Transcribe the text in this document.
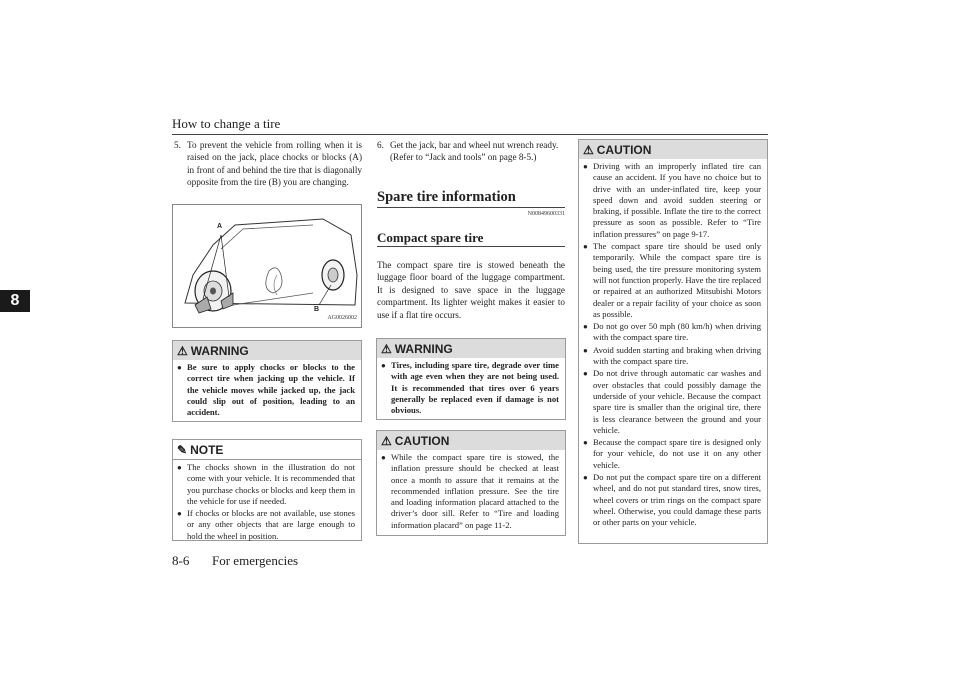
How to change a tire
8
8-6 For emergencies
5. To prevent the vehicle from rolling when it is raised on the jack, place chocks or blocks (A) in front of and behind the tire that is diagonally opposite from the tire (B) you are changing.
A
B
AG0026002
⚠ WARNING
● Be sure to apply chocks or blocks to the correct tire when jacking up the vehicle. If the vehicle moves while jacked up, the jack could slip out of position, leading to an accident.
✎ NOTE
● The chocks shown in the illustration do not come with your vehicle. It is recommended that you purchase chocks or blocks and keep them in the vehicle for use if needed.
● If chocks or blocks are not available, use stones or any other objects that are large enough to hold the wheel in position.
6. Get the jack, bar and wheel nut wrench ready.
(Refer to “Jack and tools” on page 8-5.)
Spare tire information
N00849600331
Compact spare tire
The compact spare tire is stowed beneath the luggage floor board of the luggage compartment. It is designed to save space in the luggage compartment. Its lighter weight makes it easier to use if a flat tire occurs.
⚠ WARNING
● Tires, including spare tire, degrade over time with age even when they are not being used. It is recommended that tires over 6 years generally be replaced even if damage is not obvious.
⚠ CAUTION
● While the compact spare tire is stowed, the inflation pressure should be checked at least once a month to assure that it remains at the recommended inflation pressure. See the tire and loading information placard attached to the driver’s door sill. Refer to “Tire and loading information placard” on page 11-2.
⚠ CAUTION
● Driving with an improperly inflated tire can cause an accident. If you have no choice but to drive with an under-inflated tire, keep your speed down and avoid sudden steering or braking, if possible. Inflate the tire to the correct pressure as soon as possible. Refer to “Tire inflation pressures” on page 9-17.
● The compact spare tire should be used only temporarily. While the compact spare tire is being used, the tire pressure monitoring system will not function properly. Have the tire replaced or repaired at an authorized Mitsubishi Motors dealer or a repair facility of your choice as soon as possible.
● Do not go over 50 mph (80 km/h) when driving with the compact spare tire.
● Avoid sudden starting and braking when driving with the compact spare tire.
● Do not drive through automatic car washes and over obstacles that could possibly damage the underside of your vehicle. Because the compact spare tire is smaller than the original tire, there is less clearance between the ground and your vehicle.
● Because the compact spare tire is designed only for your vehicle, do not use it on any other vehicle.
● Do not put the compact spare tire on a different wheel, and do not put standard tires, snow tires, wheel covers or trim rings on the compact spare wheel. Otherwise, you could damage these parts or other parts on your vehicle.
